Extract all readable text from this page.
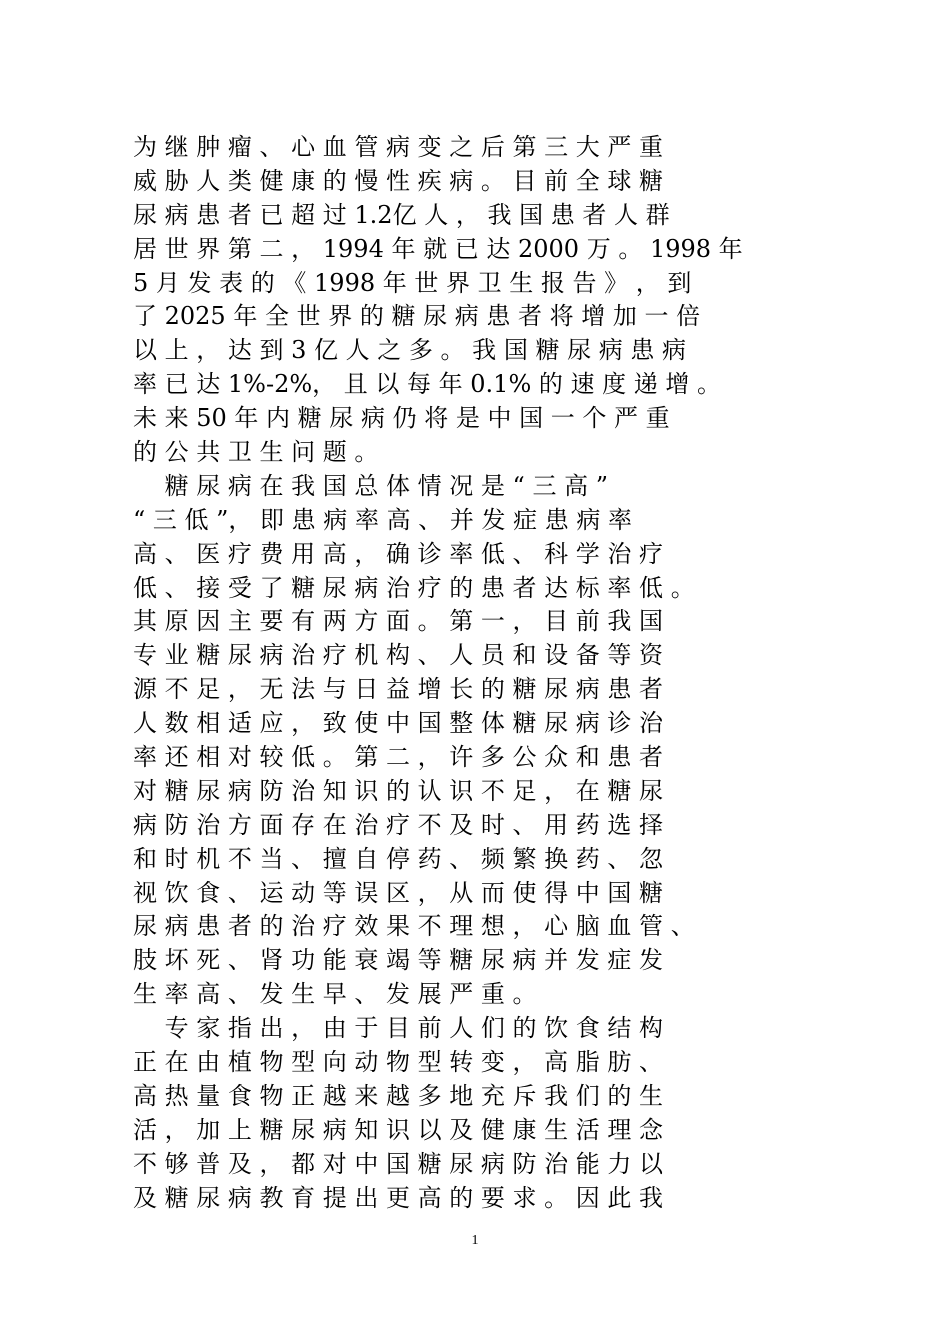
为 继 肿 瘤 、 心 血 管 病 变 之 后 第 三 大 严 重
威 胁 人 类 健 康 的 慢 性 疾 病 。 目 前 全 球 糖
尿 病 患 者 已 超 过 1.2亿 人 ， 我 国 患 者 人 群
居 世 界 第 二 ， 1994 年 就 已 达 2000 万 。 1998 年
5 月 发 表 的 《 1998 年 世 界 卫 生 报 告 》 ， 到
了 2025 年 全 世 界 的 糖 尿 病 患 者 将 增 加 一 倍
以 上 ， 达 到 3 亿 人 之 多 。 我 国 糖 尿 病 患 病
率 已 达 1%-2%， 且 以 每 年 0.1% 的 速 度 递 增 。
未 来 50 年 内 糖 尿 病 仍 将 是 中 国 一 个 严 重
的 公 共 卫 生 问 题 。
　 糖 尿 病 在 我 国 总 体 情 况 是 “ 三 高 ”
“ 三 低 ”， 即 患 病 率 高 、 并 发 症 患 病 率
高 、 医 疗 费 用 高 ， 确 诊 率 低 、 科 学 治 疗
低 、 接 受 了 糖 尿 病 治 疗 的 患 者 达 标 率 低 。
其 原 因 主 要 有 两 方 面 。 第 一 ， 目 前 我 国
专 业 糖 尿 病 治 疗 机 构 、 人 员 和 设 备 等 资
源 不 足 ， 无 法 与 日 益 增 长 的 糖 尿 病 患 者
人 数 相 适 应 ， 致 使 中 国 整 体 糖 尿 病 诊 治
率 还 相 对 较 低 。 第 二 ， 许 多 公 众 和 患 者
对 糖 尿 病 防 治 知 识 的 认 识 不 足 ， 在 糖 尿
病 防 治 方 面 存 在 治 疗 不 及 时 、 用 药 选 择
和 时 机 不 当 、 擅 自 停 药 、 频 繁 换 药 、 忽
视 饮 食 、 运 动 等 误 区 ， 从 而 使 得 中 国 糖
尿 病 患 者 的 治 疗 效 果 不 理 想 ， 心 脑 血 管 、
肢 坏 死 、 肾 功 能 衰 竭 等 糖 尿 病 并 发 症 发
生 率 高 、 发 生 早 、 发 展 严 重 。
　 专 家 指 出 ， 由 于 目 前 人 们 的 饮 食 结 构
正 在 由 植 物 型 向 动 物 型 转 变 ， 高 脂 肪 、
高 热 量 食 物 正 越 来 越 多 地 充 斥 我 们 的 生
活 ， 加 上 糖 尿 病 知 识 以 及 健 康 生 活 理 念
不 够 普 及 ， 都 对 中 国 糖 尿 病 防 治 能 力 以
及 糖 尿 病 教 育 提 出 更 高 的 要 求 。 因 此 我
1
